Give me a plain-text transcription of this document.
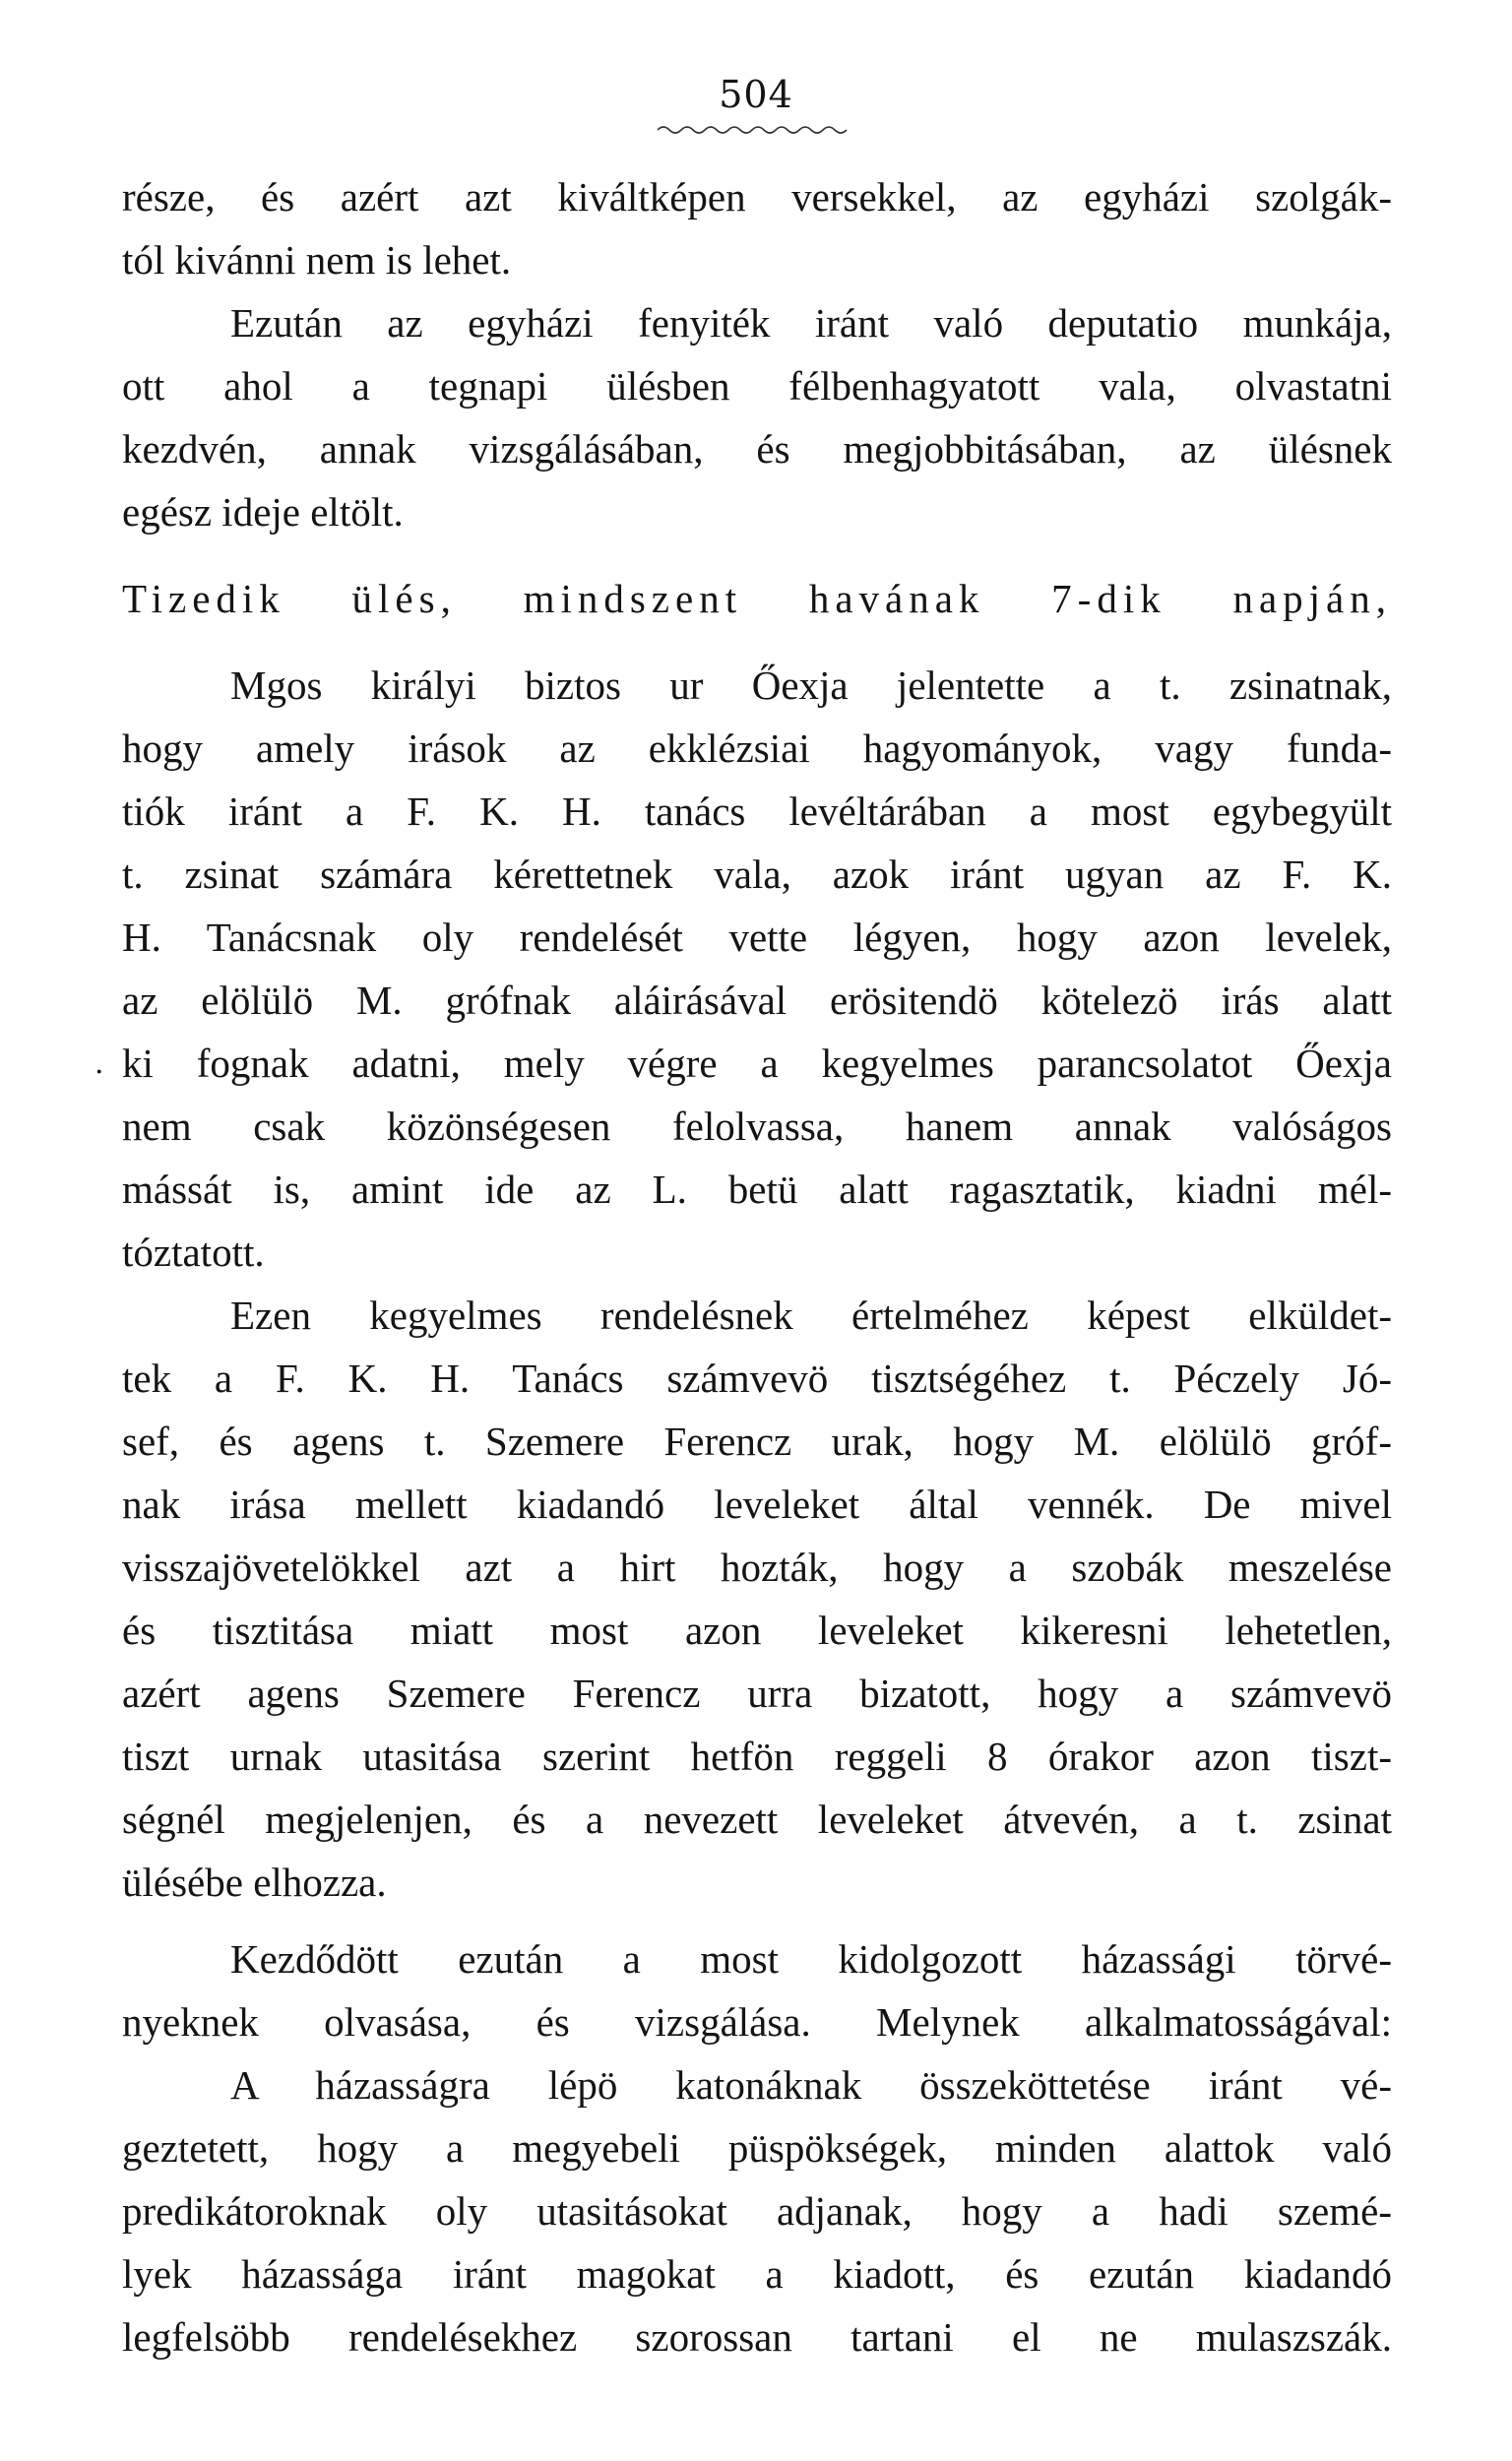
504
.
része, és azért azt kiváltképen versekkel, az egyházi szolgák-
tól kivánni nem is lehet.
Ezután az egyházi fenyiték iránt való deputatio munkája,
ott ahol a tegnapi ülésben félbenhagyatott vala, olvastatni
kezdvén, annak vizsgálásában, és megjobbitásában, az ülésnek
egész ideje eltölt.
Tizedik ülés, mindszent havának 7-dik napján,
Mgos királyi biztos ur Őexja jelentette a t. zsinatnak,
hogy amely irások az ekklézsiai hagyományok, vagy funda-
tiók iránt a F. K. H. tanács levéltárában a most egybegyült
t. zsinat számára kérettetnek vala, azok iránt ugyan az F. K.
H. Tanácsnak oly rendelését vette légyen, hogy azon levelek,
az elölülö M. grófnak aláirásával erösitendö kötelezö irás alatt
ki fognak adatni, mely végre a kegyelmes parancsolatot Őexja
nem csak közönségesen felolvassa, hanem annak valóságos
mássát is, amint ide az L. betü alatt ragasztatik, kiadni mél-
tóztatott.
Ezen kegyelmes rendelésnek értelméhez képest elküldet-
tek a F. K. H. Tanács számvevö tisztségéhez t. Péczely Jó-
sef, és agens t. Szemere Ferencz urak, hogy M. elölülö gróf-
nak irása mellett kiadandó leveleket által vennék. De mivel
visszajövetelökkel azt a hirt hozták, hogy a szobák meszelése
és tisztitása miatt most azon leveleket kikeresni lehetetlen,
azért agens Szemere Ferencz urra bizatott, hogy a számvevö
tiszt urnak utasitása szerint hetfön reggeli 8 órakor azon tiszt-
ségnél megjelenjen, és a nevezett leveleket átvevén, a t. zsinat
ülésébe elhozza.
Kezdődött ezután a most kidolgozott házassági törvé-
nyeknek olvasása, és vizsgálása. Melynek alkalmatosságával:
A házasságra lépö katonáknak összeköttetése iránt vé-
geztetett, hogy a megyebeli püspökségek, minden alattok való
predikátoroknak oly utasitásokat adjanak, hogy a hadi szemé-
lyek házassága iránt magokat a kiadott, és ezután kiadandó
legfelsöbb rendelésekhez szorossan tartani el ne mulaszszák.
